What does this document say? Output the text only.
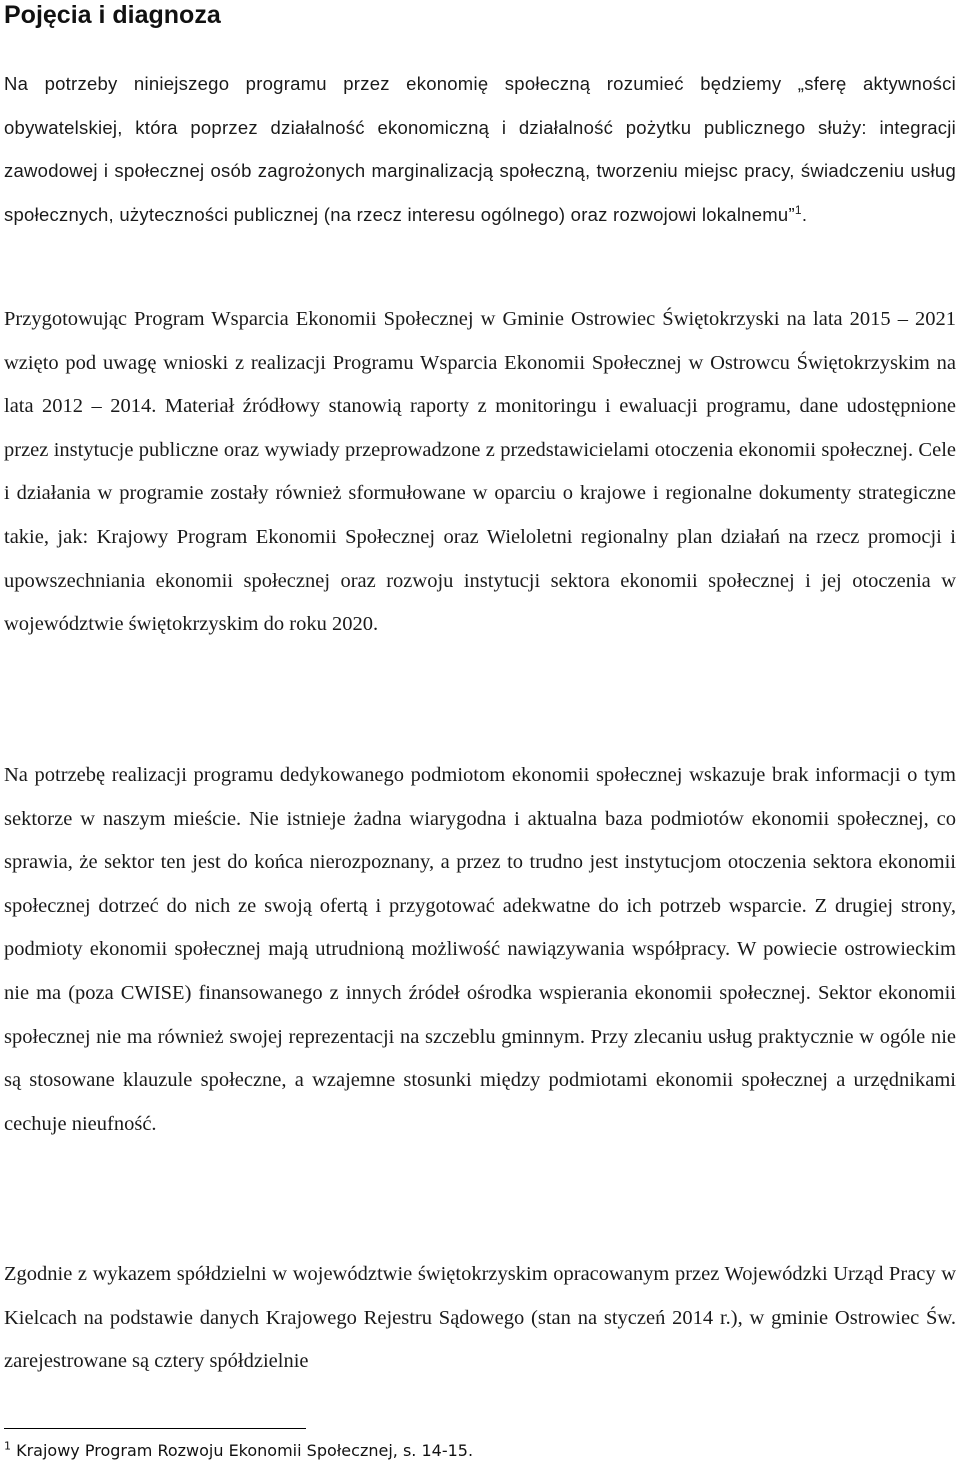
Pojęcia i diagnoza

Na potrzeby niniejszego programu przez ekonomię społeczną rozumieć będziemy „sferę aktywności obywatelskiej, która poprzez działalność ekonomiczną i działalność pożytku publicznego służy: integracji zawodowej i społecznej osób zagrożonych marginalizacją społeczną, tworzeniu miejsc pracy, świadczeniu usług społecznych, użyteczności publicznej (na rzecz interesu ogólnego) oraz rozwojowi lokalnemu”$^1$.

Przygotowując Program Wsparcia Ekonomii Społecznej w Gminie Ostrowiec Świętokrzyski na lata 2015 – 2021 wzięto pod uwagę wnioski z realizacji Programu Wsparcia Ekonomii Społecznej w Ostrowcu Świętokrzyskim na lata 2012 – 2014. Materiał źródłowy stanowią raporty z monitoringu i ewaluacji programu, dane udostępnione przez instytucje publiczne oraz wywiady przeprowadzone z przedstawicielami otoczenia ekonomii społecznej. Cele i działania w programie zostały również sformułowane w oparciu o krajowe i regionalne dokumenty strategiczne takie, jak: Krajowy Program Ekonomii Społecznej oraz Wieloletni regionalny plan działań na rzecz promocji i upowszechniania ekonomii społecznej oraz rozwoju instytucji sektora ekonomii społecznej i jej otoczenia w województwie świętokrzyskim do roku 2020.

Na potrzebę realizacji programu dedykowanego podmiotom ekonomii społecznej wskazuje brak informacji o tym sektorze w naszym mieście. Nie istnieje żadna wiarygodna i aktualna baza podmiotów ekonomii społecznej, co sprawia, że sektor ten jest do końca nierozpoznany, a przez to trudno jest instytucjom otoczenia sektora ekonomii społecznej dotrzeć do nich ze swoją ofertą i przygotować adekwatne do ich potrzeb wsparcie. Z drugiej strony, podmioty ekonomii społecznej mają utrudnioną możliwość nawiązywania współpracy. W powiecie ostrowieckim nie ma (poza CWISE) finansowanego z innych źródeł ośrodka wspierania ekonomii społecznej. Sektor ekonomii społecznej nie ma również swojej reprezentacji na szczeblu gminnym. Przy zlecaniu usług praktycznie w ogóle nie są stosowane klauzule społeczne, a wzajemne stosunki między podmiotami ekonomii społecznej a urzędnikami cechuje nieufność.

Zgodnie z wykazem spółdzielni w województwie świętokrzyskim opracowanym przez Wojewódzki Urząd Pracy w Kielcach na podstawie danych Krajowego Rejestru Sądowego (stan na styczeń 2014 r.), w gminie Ostrowiec Św. zarejestrowane są cztery spółdzielnie

$^1$ Krajowy Program Rozwoju Ekonomii Społecznej, s. 14-15.
